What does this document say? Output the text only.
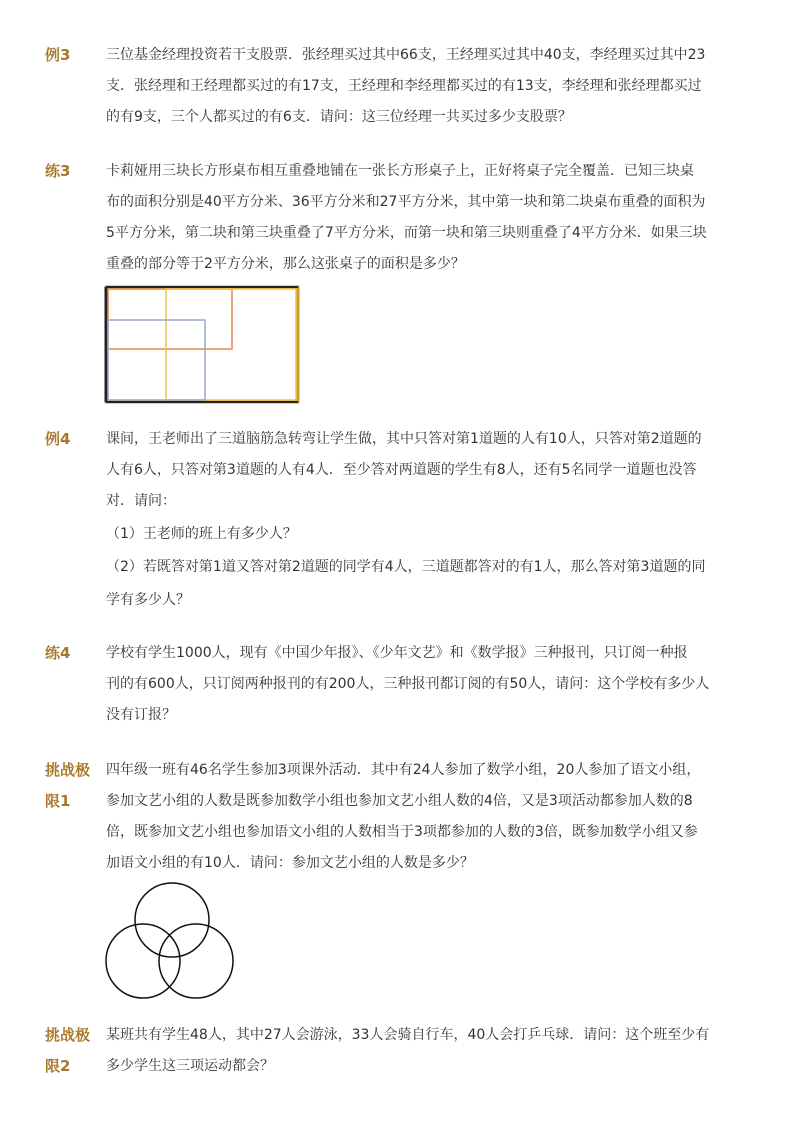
例3	三位基金经理投资若干支股票．张经理买过其中66支，王经理买过其中40支，李经理买过其中23

支．张经理和王经理都买过的有17支，王经理和李经理都买过的有13支，李经理和张经理都买过

的有9支，三个人都买过的有6支．请问：这三位经理一共买过多少支股票？

练3	卡莉娅用三块长方形桌布相互重叠地铺在一张长方形桌子上，正好将桌子完全覆盖．已知三块桌

布的面积分别是40平方分米、36平方分米和27平方分米，其中第一块和第二块桌布重叠的面积为

5平方分米，第二块和第三块重叠了7平方分米，而第一块和第三块则重叠了4平方分米．如果三块

重叠的部分等于2平方分米，那么这张桌子的面积是多少？

例4	课间，王老师出了三道脑筋急转弯让学生做，其中只答对第1道题的人有10人，只答对第2道题的

人有6人，只答对第3道题的人有4人．至少答对两道题的学生有8人，还有5名同学一道题也没答

对．请问：

（1）王老师的班上有多少人？

（2）若既答对第1道又答对第2道题的同学有4人，三道题都答对的有1人，那么答对第3道题的同

学有多少人？

练4	学校有学生1000人，现有《中国少年报》、《少年文艺》和《数学报》三种报刊，只订阅一种报

刊的有600人，只订阅两种报刊的有200人，三种报刊都订阅的有50人，请问：这个学校有多少人

没有订报？

挑战极
限1

四年级一班有46名学生参加3项课外活动．其中有24人参加了数学小组，20人参加了语文小组，

参加文艺小组的人数是既参加数学小组也参加文艺小组人数的4倍，又是3项活动都参加人数的8

倍，既参加文艺小组也参加语文小组的人数相当于3项都参加的人数的3倍，既参加数学小组又参

加语文小组的有10人．请问：参加文艺小组的人数是多少？

挑战极
限2

某班共有学生48人，其中27人会游泳，33人会骑自行车，40人会打乒乓球．请问：这个班至少有

多少学生这三项运动都会？
